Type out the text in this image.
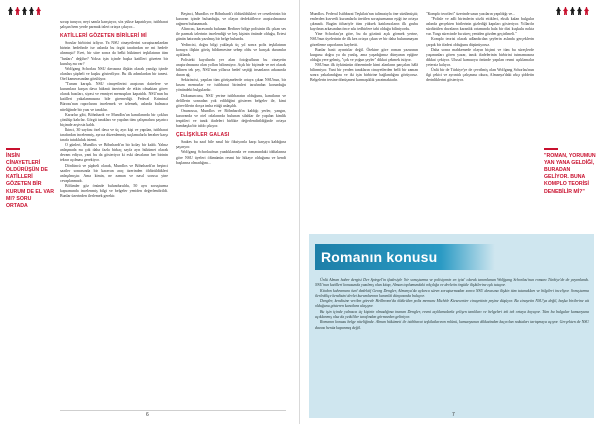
sorup turuyor, neyi sanıla karıştıyor, söz yükse kapatılıyor, istihbarat şalışan hem yerde parmak izleri ortaya çıkıyor...

KATİLLERİ GÖZETEN BİRİLERİ Mİ

Sorular birbirini izliyor. Ya NSU cinayetlerini soruşturanlardan birinin hedefinde ise aslında bu örgüt tarafından ne mi hedefe alınmıştı? Evet, bir süre sonra da belki hükümet teşkilatının tüm "fanları" değilse? Yoksa işin içinde başka katilleri gözeten bir kuruluş mı var?

Wolfgang Schorlau NSU davasına ilişkin olarak yanılgı içinde olanları şüpheli ve kuşku gösteriliyor. Bu ilk adımlardan bir tanesi. Otel kamerasından görülüyor.

"Turum karışık. NSU cinayetlerini araştıran dairelere ve kurumlara karşın dava hükmü üzerinde de etkin olmaktan görev olarak bazıları, siyasi ve emniyet mensupları kapatıldı. NSU'nun bu katilleri yakalanmasına bile giremediği. Federal Kriminal Bürosu'nun raporlarını incelemek ve izlemek, aslında bulmaca niteliğinde bir yazı ve tanıklar.

Kararlar gibi, Böhnhardt ve Mundlos'un kanıtlarında bir çokları çözülüp kalırlar. Görgü tanıkları ve yapılan tüm çalışmalara şaşırtıcı biçimde arşivsiz kaldı.

İkinci, 30 sayfası özel dava ve üç ayrı kişi ve yapılan, istihbarat tarafından incelenmiş, ayrıca düzenlenmiş suçlamalarla beraber karşı tarafa tutukluluk istemi.

O günleri, Mundlos ve Böhnhardt'ın bir kolay bir kaldı. Yalnız anlaşmada mı çok daha fazla birkaç sayfa ayrı hükümet olarak devam ediyor, yani bu da gösteriyor ki eski davaların her birinin tekrar açılması gerekiyor.

Dördüncü ve şüpheli olarak, Mundlos ve Böhnhardt'ın beşinci saatler sonrasında bir karavan araç üzerinden öldürüldükleri anlaşılmıştır. Ama kimin, ne zaman ve nasıl sorusu yine cevaplanmadı.

Bölümler göz önünde bulunduruldu, 50 ayrı soruşturma kapsamında incelenmiş bilgi ve belgeler yeniden değerlendirildi. Bunlar üzerinden ilerlemek gerekir.

Beşinci, Mundlos ve Böhnhardt'ı öldürüldükleri ve cesetlerinin bir karavan içinde bulunduğu, ve olayın dedektiflerce araştırılmasına rağmen bulunamadı.

Altıncısı, karavanda bulunan Berliner bölge polisinin ilk çıkan ses ile parmak izlerinin incelendiği ve beş kişinin önünde olduğu, Ertesi günün hatırında yazılmış bir belge bulundu.

Yedincisi, doğru bilgi yaklaşık üç yıl sonra polis teşkilatının konuya ilişkin görüş bildirmesine sebep oldu ve karışık durumlar açıklandı.

Polisteki kayıtlarda yer alan fotoğrafların bu cinayetin araştırılmasına olan yolları bilinmiyor. Açık bir biçimde ve net olarak bilinen tek şey, NSU'nun yıllarca hedef seçtiği insanların arkasında duran ağ.

Sekizincisi, yapılan tüm görüşmelerde ortaya çıkan NSU'nun, bir kısım memurlar ve istihbarat birimleri tarafından korunduğu yönündeki bulgulardır.

Dokuzuncusu, NSU yerine istihbaratın olduğunu, kanıtların ve delillerin sonradan yok edildiğini gösteren belgeler ile, kimi görevlilerin dosya imha ettiği anlaşıldı.

Onuncusu, Mundlos ve Böhnhardt'ın kaldığı yerler, yangın, karavanda ve otel odalarında bulunan silahlar ile yapılan kimlik tespitleri ve tanık ifadeleri birlikte değerlendirildiğinde ortaya bambaşka bir tablo çıkıyor.

ÇELİŞKİLER GALASI

Saakes bu zaaf bile nasıl bir fiksiyonla karşı karşıya kaldığına şaşırıyor.

Wolfgang Schorlau'nun yazdıklarında ve romanındaki iddialarına göre NSU üyeleri ölümünün resmi bir hikaye olduğunu ve kendi başlarına olmadığını...

İNSİN CİNAYETLERİ ÖLDÜRÜŞÜN DE KATİLLERİ GÖZETEN BİR KURUM DE EL VAR MI? SORU ORTADA
6

Mundlos. Federal İstihbarat Teşkilatı'nın talimatıyla öne sürülmüştü; emlerden kuvvetli kurumlarla üretilen soruşturmanın eşiği ise ortaya çıkmadı. Bugün itibariyle tüm yüksek katılımcıların ilk grubu kaydının arkasından önce sıkı tedbirlere tabi olduğu biliniyordu.

Yine Schorlau'ya göre, bu da gözünü açık görmek yerine, NSU'nun üyelerinin de ilk kez ortaya çıkan ve bir daha bulunamayan gözetleme raporlarını kaybetti.

Bunlar basit ayrıntılar değil. Ötekine göre roman yazarının kurgusu doğru ya da yanlış, ama yaşadığımız dünyanın eşiğine olduğu yere gelmiş, "çok ve yoğun şeyler" dikkat çekmek istiyor.

NSU'nun ilk öyküsünün döneminde kimi alanların parçaları hâlâ bilinmiyor. Yani bir yerden tanıkların cinayetlerden belli bir zaman sonra yakalandığını ve iki işin birbirine bağlandığını görüyoruz. Belgelerin tersine dönüşmesi karmaşıklık yaratmaktadır.

"Komplo teorileri" üzerinde uzun yazıların yapıldığı ve...

"Polisle ve adli birimlerin sözlü ettikleri, eksik kalan bulgular aslında gerçekten birilerinin gizlediği kapıları gösteriyor. Yıllardır sürdürülen davaların karanlık ortamında hala bir dizi kuşkulu nokta var. Yargı sürecinde bu süreç yeniden gözden geçirilmeli."

Komplo teorisi olarak adlandırılan şeylerin aslında gerçeklerin çarpık bir ifadesi olduğunu düşünüyoruz.

Daha sonra mahkemede olayın biçimi ve tüm bu süreçlerde yaşananları gören yazar, tanık ifadelerinin birbirini tutmamasına dikkat çekiyor. Ulusal kamuoyu önünde yapılan resmi açıklamalar yetersiz kalıyor.

Ünlü bir de Türkiye'ye de çevrilmiş olan Wolfgang Schorlau'nun ilgi çekici ve ayrıntılı çalışması okura, Almanya'daki ırkçı şiddetin derinliklerini gösteriyor.

"ROMAN, YORUMUN YAN YANA GELDİĞİ, BURADAN GELİYOR. BUNA KOMPLO TEORİSİ DENEBİLİR Mİ?"
Romanın konusu

Ünlü Alman haber dergisi Der Spiegel'in ifadesiyle 'bir soruşturma ve polisiyenin en iyisi' olarak tanımlanan Wolfgang Schorlau'nun romanı Türkiye'de de yayımlandı. NSU'nun katilleri konusunda yazılmış olan kitap, Alman toplumundaki ırkçılığa ve devletin örgütle ilişkilerine ışık tutuyor.

Kitabın kahramanı özel dedektif Georg Dengler, Almanya'da aylarca süren soruşturmadan sonra NSU davasına ilişkin tüm tutanakları ve bilgileri inceliyor. Soruşturma ilerledikçe kendisini devlet kurumlarının karanlık dünyasında buluyor.

Dengler, kendisine verilen görevle Heilbronn'da öldürülen polis memuru Michèle Kiesewetter cinayetinin peşine düşüyor. Bu cinayetin NSU'ya değil, başka birilerine ait olduğunu gösteren kanıtlara ulaşıyor.

Bu işin içinde yalnızca üç kişinin olmadığına inanan Dengler, resmi açıklamalarla çelişen tanıkları ve belgeleri tek tek ortaya koyuyor. Tüm bu bulgular kamuoyuna açıklanmış olsa da yetkililer tarafından görmezden geliniyor.

Romanın konusu belge niteliğinde. Alman hükümeti ile istihbarat teşkilatlarının rolünü, kamuoyunun dikkatinden kaçırılan noktaları tartışmaya açıyor. Gerçekten de NSU davası henüz kapanmış değil.

7
